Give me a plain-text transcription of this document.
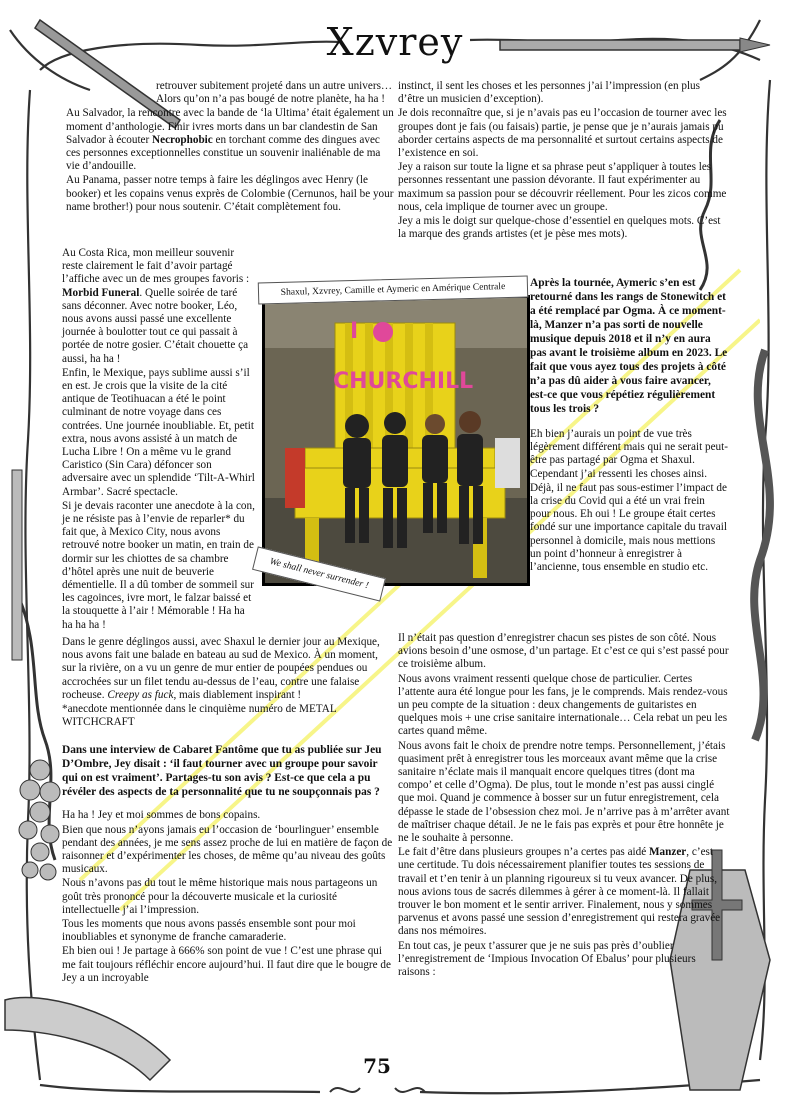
Xzvrey

retrouver subitement projeté dans un autre univers… Alors qu’on n’a pas bougé de notre planète, ha ha !

Au Salvador, la rencontre avec la bande de ‘la Ultima’ était également un moment d’anthologie. Finir ivres morts dans un bar clandestin de San Salvador à écouter Necrophobic en torchant comme des dingues avec ces personnes exceptionnelles constitue un souvenir inaliénable de ma vie d’andouille.

Au Panama, passer notre temps à faire les déglingos avec Henry (le booker) et les copains venus exprès de Colombie (Cernunos, hail be your name brother!) pour nous soutenir. C’était complètement fou.

Au Costa Rica, mon meilleur souvenir reste clairement le fait d’avoir partagé l’affiche avec un de mes groupes favoris : Morbid Funeral. Quelle soirée de taré sans déconner. Avec notre booker, Léo, nous avons aussi passé une excellente journée à boulotter tout ce qui passait à portée de notre gosier. C’était chouette ça aussi, ha ha !

Enfin, le Mexique, pays sublime aussi s’il en est. Je crois que la visite de la cité antique de Teotihuacan a été le point culminant de notre voyage dans ces contrées. Une journée inoubliable. Et, petit extra, nous avons assisté à un match de Lucha Libre ! On a même vu le grand Caristico (Sin Cara) défoncer son adversaire avec un splendide ‘Tilt-A-Whirl Armbar’. Sacré spectacle.

Si je devais raconter une anecdote à la con, je ne résiste pas à l’envie de reparler* du fait que, à Mexico City, nous avons retrouvé notre booker un matin, en train de dormir sur les chiottes de sa chambre d’hôtel après une nuit de beuverie démentielle. Il a dû tomber de sommeil sur les cagoinces, ivre mort, le falzar baissé et la stouquette à l’air ! Mémorable ! Ha ha ha ha ha !

Dans le genre déglingos aussi, avec Shaxul le dernier jour au Mexique, nous avons fait une balade en bateau au sud de Mexico. À un moment, sur la rivière, on a vu un genre de mur entier de poupées pendues ou accrochées sur un filet tendu au-dessus de l’eau, contre une falaise rocheuse. Creepy as fuck, mais diablement inspirant !

*anecdote mentionnée dans le cinquième numéro de METAL WITCHCRAFT

Dans une interview de Cabaret Fantôme que tu as publiée sur Jeu D’Ombre, Jey disait : ‘il faut tourner avec un groupe pour savoir qui on est vraiment’. Partages-tu son avis ? Est-ce que cela a pu révéler des aspects de ta personnalité que tu ne soupçonnais pas ?

Ha ha ! Jey et moi sommes de bons copains.

Bien que nous n’ayons jamais eu l’occasion de ‘bourlinguer’ ensemble pendant des années, je me sens assez proche de lui en matière de façon de raisonner et d’expérimenter les choses, de même qu’au niveau des goûts musicaux.

Nous n’avons pas du tout le même historique mais nous partageons un goût très prononcé pour la découverte musicale et la curiosité intellectuelle j’ai l’impression.

Tous les moments que nous avons passés ensemble sont pour moi inoubliables et synonyme de franche camaraderie.

Eh bien oui ! Je partage à 666% son point de vue ! C’est une phrase qui me fait toujours réfléchir encore aujourd’hui. Il faut dire que le bougre de Jey a un incroyable

instinct, il sent les choses et les personnes j’ai l’impression (en plus d’être un musicien d’exception).

Je dois reconnaître que, si je n’avais pas eu l’occasion de tourner avec les groupes dont je fais (ou faisais) partie, je pense que je n’aurais jamais pu aborder certains aspects de ma personnalité et surtout certains aspects de l’existence en soi.

Jey a raison sur toute la ligne et sa phrase peut s’appliquer à toutes les personnes ressentant une passion dévorante. Il faut expérimenter au maximum sa passion pour se découvrir réellement. Pour les zicos comme nous, cela implique de tourner avec un groupe.

Jey a mis le doigt sur quelque-chose d’essentiel en quelques mots. C’est la marque des grands artistes (et je pèse mes mots).

Après la tournée, Aymeric s’en est retourné dans les rangs de Stonewitch et a été remplacé par Ogma. À ce moment-là, Manzer n’a pas sorti de nouvelle musique depuis 2018 et il n’y en aura pas avant le troisième album en 2023. Le fait que vous ayez tous des projets à côté n’a pas dû aider à vous faire avancer, est-ce que vous répétiez régulièrement tous les trois ?

Eh bien j’aurais un point de vue très légèrement différent mais qui ne serait peut-être pas partagé par Ogma et Shaxul. Cependant j’ai ressenti les choses ainsi.

Déjà, il ne faut pas sous-estimer l’impact de la crise du Covid qui a été un vrai frein pour nous. Eh oui ! Le groupe était certes fondé sur une importance capitale du travail personnel à domicile, mais nous mettions un point d’honneur à enregistrer à l’ancienne, tous ensemble en studio etc.

Il n’était pas question d’enregistrer chacun ses pistes de son côté. Nous avions besoin d’une osmose, d’un partage. Et c’est ce qui s’est passé pour ce troisième album.

Nous avons vraiment ressenti quelque chose de particulier. Certes l’attente aura été longue pour les fans, je le comprends. Mais rendez-vous un peu compte de la situation : deux changements de guitaristes en quelques mois + une crise sanitaire internationale… Cela rebat un peu les cartes quand même.

Nous avons fait le choix de prendre notre temps. Personnellement, j’étais quasiment prêt à enregistrer tous les morceaux avant même que la crise sanitaire n’éclate mais il manquait encore quelques titres (dont ma compo’ et celle d’Ogma). De plus, tout le monde n’est pas aussi cinglé que moi. Quand je commence à bosser sur un futur enregistrement, cela dépasse le stade de l’obsession chez moi. Je n’arrive pas à m’arrêter avant de maîtriser chaque détail. Je ne le fais pas exprès et pour être honnête je ne le souhaite à personne.

Le fait d’être dans plusieurs groupes n’a certes pas aidé Manzer, c’est une certitude. Tu dois nécessairement planifier toutes tes sessions de travail et t’en tenir à un planning rigoureux si tu veux avancer. De plus, nous avions tous de sacrés dilemmes à gérer à ce moment-là. Il fallait trouver le bon moment et le sentir arriver. Finalement, nous y sommes parvenus et avons passé une session d’enregistrement qui restera gravée dans nos mémoires.

En tout cas, je peux t’assurer que je ne suis pas près d’oublier l’enregistrement de ‘Impious Invocation Of Ebalus’ pour plusieurs raisons :

I
CHURCHILL
Shaxul, Xzvrey, Camille et Aymeric en Amérique Centrale
We shall never surrender !
75
